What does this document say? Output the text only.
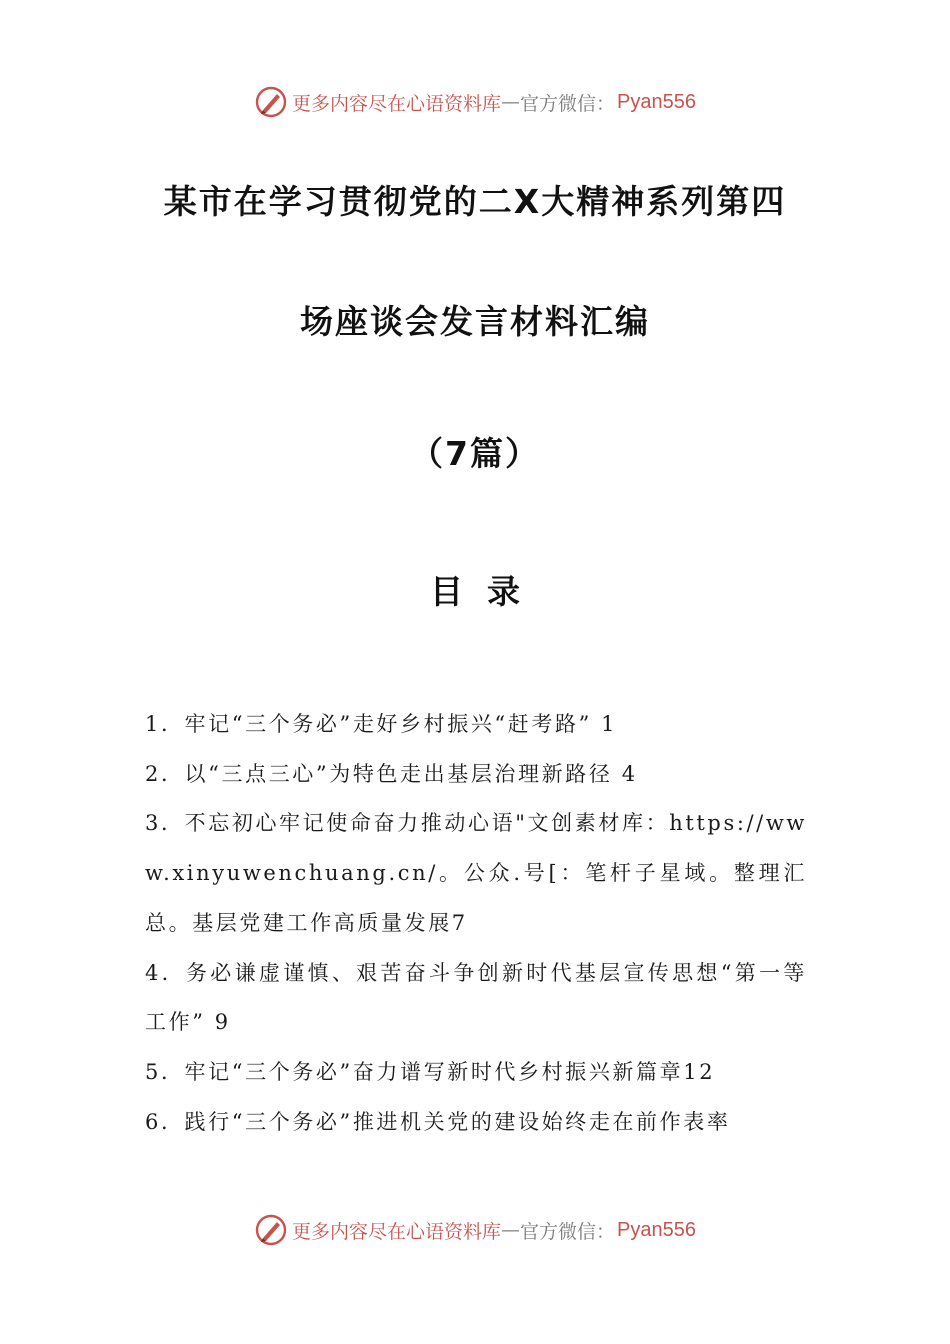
更多内容尽在心语资料库 — 官方微信： Pyan556
某市在学习贯彻党的二X大精神系列第四
场座谈会发言材料汇编
（7篇）
目录

1．牢记“三个务必”走好乡村振兴“赶考路” 1

2．以“三点三心”为特色走出基层治理新路径 4

3．不忘初心牢记使命奋力推动心语"文创素材库：https://www.xinyuwenchuang.cn/。公众.号[：笔杆子星域。整理汇总。基层党建工作高质量发展7

4．务必谦虚谨慎、艰苦奋斗争创新时代基层宣传思想“第一等工作” 9

5．牢记“三个务必”奋力谱写新时代乡村振兴新篇章12

6．践行“三个务必”推进机关党的建设始终走在前作表率

更多内容尽在心语资料库 — 官方微信： Pyan556
